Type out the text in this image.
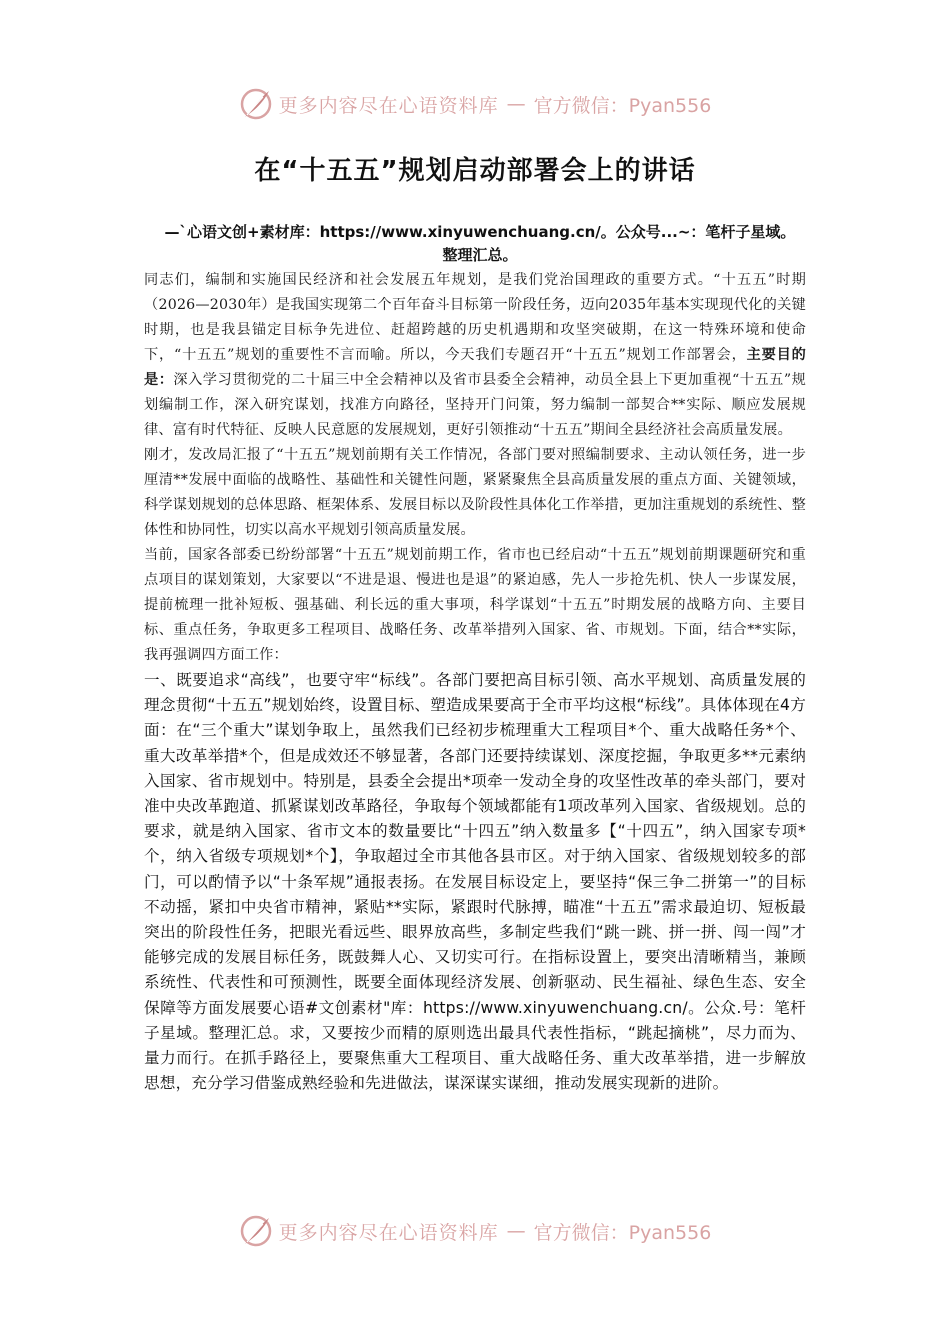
更多内容尽在心语资料库 — 官方微信：Pyan556
在“十五五”规划启动部署会上的讲话
—`心语文创+素材库：https://www.xinyuwenchuang.cn/。公众号...~：笔杆子星域。
整理汇总。

同志们，编制和实施国民经济和社会发展五年规划，是我们党治国理政的重要方式。“十五五”时期（2026—2030年）是我国实现第二个百年奋斗目标第一阶段任务，迈向2035年基本实现现代化的关键时期，也是我县锚定目标争先进位、赶超跨越的历史机遇期和攻坚突破期，在这一特殊环境和使命下，“十五五”规划的重要性不言而喻。所以，今天我们专题召开“十五五”规划工作部署会，主要目的是：深入学习贯彻党的二十届三中全会精神以及省市县委全会精神，动员全县上下更加重视“十五五”规划编制工作，深入研究谋划，找准方向路径，坚持开门问策，努力编制一部契合**实际、顺应发展规律、富有时代特征、反映人民意愿的发展规划，更好引领推动“十五五”期间全县经济社会高质量发展。

刚才，发改局汇报了“十五五”规划前期有关工作情况，各部门要对照编制要求、主动认领任务，进一步厘清**发展中面临的战略性、基础性和关键性问题，紧紧聚焦全县高质量发展的重点方面、关键领域，科学谋划规划的总体思路、框架体系、发展目标以及阶段性具体化工作举措，更加注重规划的系统性、整体性和协同性，切实以高水平规划引领高质量发展。

当前，国家各部委已纷纷部署“十五五”规划前期工作，省市也已经启动“十五五”规划前期课题研究和重点项目的谋划策划，大家要以“不进是退、慢进也是退”的紧迫感，先人一步抢先机、快人一步谋发展，提前梳理一批补短板、强基础、利长远的重大事项，科学谋划“十五五”时期发展的战略方向、主要目标、重点任务，争取更多工程项目、战略任务、改革举措列入国家、省、市规划。下面，结合**实际，我再强调四方面工作：

一、既要追求“高线”，也要守牢“标线”。各部门要把高目标引领、高水平规划、高质量发展的理念贯彻“十五五”规划始终，设置目标、塑造成果要高于全市平均这根“标线”。具体体现在4方面：在“三个重大”谋划争取上，虽然我们已经初步梳理重大工程项目*个、重大战略任务*个、重大改革举措*个，但是成效还不够显著，各部门还要持续谋划、深度挖掘，争取更多**元素纳入国家、省市规划中。特别是，县委全会提出*项牵一发动全身的攻坚性改革的牵头部门，要对准中央改革跑道、抓紧谋划改革路径，争取每个领域都能有1项改革列入国家、省级规划。总的要求，就是纳入国家、省市文本的数量要比“十四五”纳入数量多【“十四五”，纳入国家专项*个，纳入省级专项规划*个】，争取超过全市其他各县市区。对于纳入国家、省级规划较多的部门，可以酌情予以“十条军规”通报表扬。在发展目标设定上，要坚持“保三争二拼第一”的目标不动摇，紧扣中央省市精神，紧贴**实际，紧跟时代脉搏，瞄准“十五五”需求最迫切、短板最突出的阶段性任务，把眼光看远些、眼界放高些，多制定些我们“跳一跳、拼一拼、闯一闯”才能够完成的发展目标任务，既鼓舞人心、又切实可行。在指标设置上，要突出清晰精当，兼顾系统性、代表性和可预测性，既要全面体现经济发展、创新驱动、民生福祉、绿色生态、安全保障等方面发展要心语#文创素材"库：https://www.xinyuwenchuang.cn/。公众.号：笔杆子星域。整理汇总。求，又要按少而精的原则选出最具代表性指标，“跳起摘桃”，尽力而为、量力而行。在抓手路径上，要聚焦重大工程项目、重大战略任务、重大改革举措，进一步解放思想，充分学习借鉴成熟经验和先进做法，谋深谋实谋细，推动发展实现新的进阶。

更多内容尽在心语资料库 — 官方微信：Pyan556
